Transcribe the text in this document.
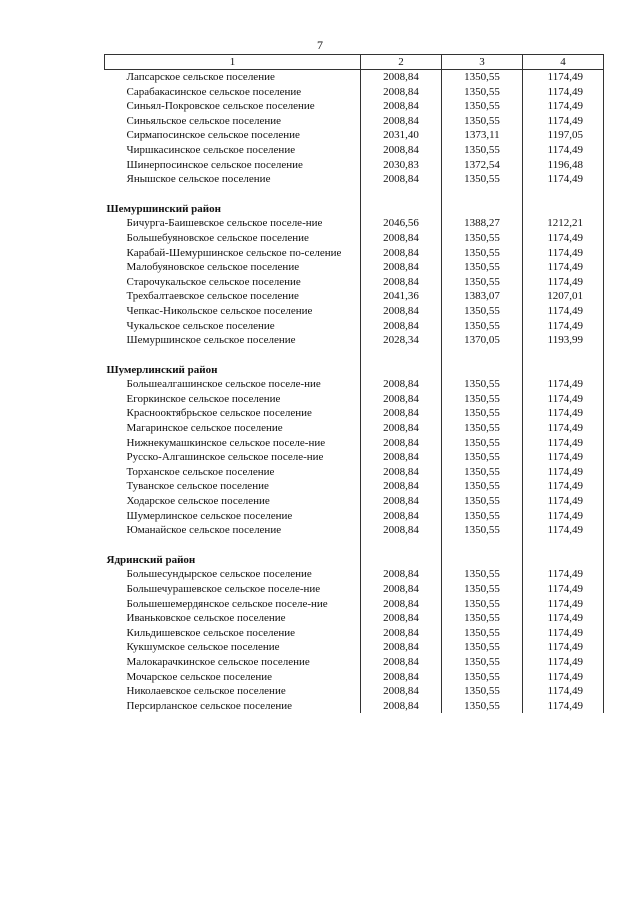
7
1	2	3	4
Лапсарское сельское поселение	2008,84	1350,55	1174,49
Сарабакасинское сельское поселение	2008,84	1350,55	1174,49
Синьял-Покровское сельское поселение	2008,84	1350,55	1174,49
Синьяльское сельское поселение	2008,84	1350,55	1174,49
Сирмапосинское сельское поселение	2031,40	1373,11	1197,05
Чиршкасинское сельское поселение	2008,84	1350,55	1174,49
Шинерпосинское сельское поселение	2030,83	1372,54	1196,48
Янышское сельское поселение	2008,84	1350,55	1174,49

Шемуршинский район			
Бичурга-Баишевское сельское поселе-ние	2046,56	1388,27	1212,21
Большебуяновское сельское поселение	2008,84	1350,55	1174,49
Карабай-Шемуршинское сельское по-селение	2008,84	1350,55	1174,49
Малобуяновское сельское поселение	2008,84	1350,55	1174,49
Старочукальское сельское поселение	2008,84	1350,55	1174,49
Трехбалтаевское сельское поселение	2041,36	1383,07	1207,01
Чепкас-Никольское сельское поселение	2008,84	1350,55	1174,49
Чукальское сельское поселение	2008,84	1350,55	1174,49
Шемуршинское сельское поселение	2028,34	1370,05	1193,99

Шумерлинский район			
Большеалгашинское сельское поселе-ние	2008,84	1350,55	1174,49
Егоркинское сельское поселение	2008,84	1350,55	1174,49
Краснооктябрьское сельское поселение	2008,84	1350,55	1174,49
Магаринское сельское поселение	2008,84	1350,55	1174,49
Нижнекумашкинское сельское поселе-ние	2008,84	1350,55	1174,49
Русско-Алгашинское сельское поселе-ние	2008,84	1350,55	1174,49
Торханское сельское поселение	2008,84	1350,55	1174,49
Туванское сельское поселение	2008,84	1350,55	1174,49
Ходарское сельское поселение	2008,84	1350,55	1174,49
Шумерлинское сельское поселение	2008,84	1350,55	1174,49
Юманайское сельское поселение	2008,84	1350,55	1174,49

Ядринский район			
Большесундырское сельское поселение	2008,84	1350,55	1174,49
Большечурашевское сельское поселе-ние	2008,84	1350,55	1174,49
Большешемердянское сельское поселе-ние	2008,84	1350,55	1174,49
Иваньковское сельское поселение	2008,84	1350,55	1174,49
Кильдишевское сельское поселение	2008,84	1350,55	1174,49
Кукшумское сельское поселение	2008,84	1350,55	1174,49
Малокарачкинское сельское поселение	2008,84	1350,55	1174,49
Мочарское сельское поселение	2008,84	1350,55	1174,49
Николаевское сельское поселение	2008,84	1350,55	1174,49
Персирланское сельское поселение	2008,84	1350,55	1174,49
